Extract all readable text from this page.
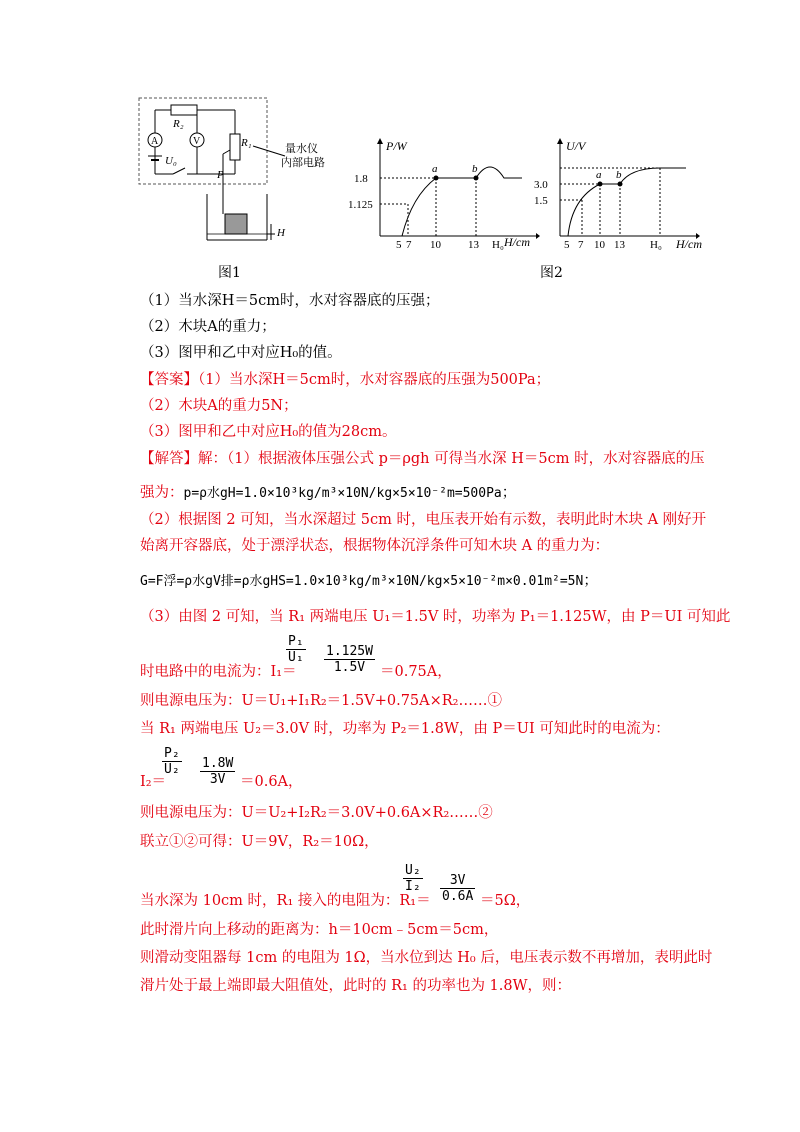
R₂
A
U₀
V	R₁
P
量水仪
内部电路
H
图1
P/W
H/cm
1.8
1.125
a	b
5 7 10 13 H₀
U/V
H/cm
3.0
1.5
a b
5 7 10 13 H₀
图2
（1）当水深H＝5cm时，水对容器底的压强；
（2）木块A的重力；
（3）图甲和乙中对应H₀的值。
【答案】（1）当水深H＝5cm时，水对容器底的压强为500Pa；
（2）木块A的重力5N；
（3）图甲和乙中对应H₀的值为28cm。
【解答】解：（1）根据液体压强公式 p＝ρgh 可得当水深 H＝5cm 时，水对容器底的压
强为：p=ρ水gH=1.0×10³kg/m³×10N/kg×5×10⁻²m=500Pa；
（2）根据图 2 可知，当水深超过 5cm 时，电压表开始有示数，表明此时木块 A 刚好开
始离开容器底，处于漂浮状态，根据物体沉浮条件可知木块 A 的重力为：
G=F浮=ρ水gV排=ρ水gHS=1.0×10³kg/m³×10N/kg×5×10⁻²m×0.01m²=5N；
（3）由图 2 可知，当 R₁ 两端电压 U₁＝1.5V 时，功率为 P₁＝1.125W，由 P＝UI 可知此
时电路中的电流为：I₁＝
$\frac{\text{P₁}}{\text{U₁}} \frac{1.125W}{1.5V} =0.75A$，
则电源电压为：U＝U₁+I₁R₂＝1.5V+0.75A×R₂……①
当 R₁ 两端电压 U₂＝3.0V 时，功率为 P₂＝1.8W，由 P＝UI 可知此时的电流为：
I₂＝
$\frac{\text{P₂}}{\text{U₂}} \frac{1.8W}{3V} =0.6A$，
则电源电压为：U＝U₂+I₂R₂＝3.0V+0.6A×R₂……②
联立①②可得：U＝9V，R₂＝10Ω，
当水深为 10cm 时，R₁ 接入的电阻为：R₁＝
$\frac{\text{U₂}}{\text{I₂}} \frac{3V}{0.6A} =5\Omega$，
此时滑片向上移动的距离为：h＝10cm﹣5cm＝5cm，
则滑动变阻器每 1cm 的电阻为 1Ω，当水位到达 H₀ 后，电压表示数不再增加，表明此时
滑片处于最上端即最大阻值处，此时的 R₁ 的功率也为 1.8W，则：
